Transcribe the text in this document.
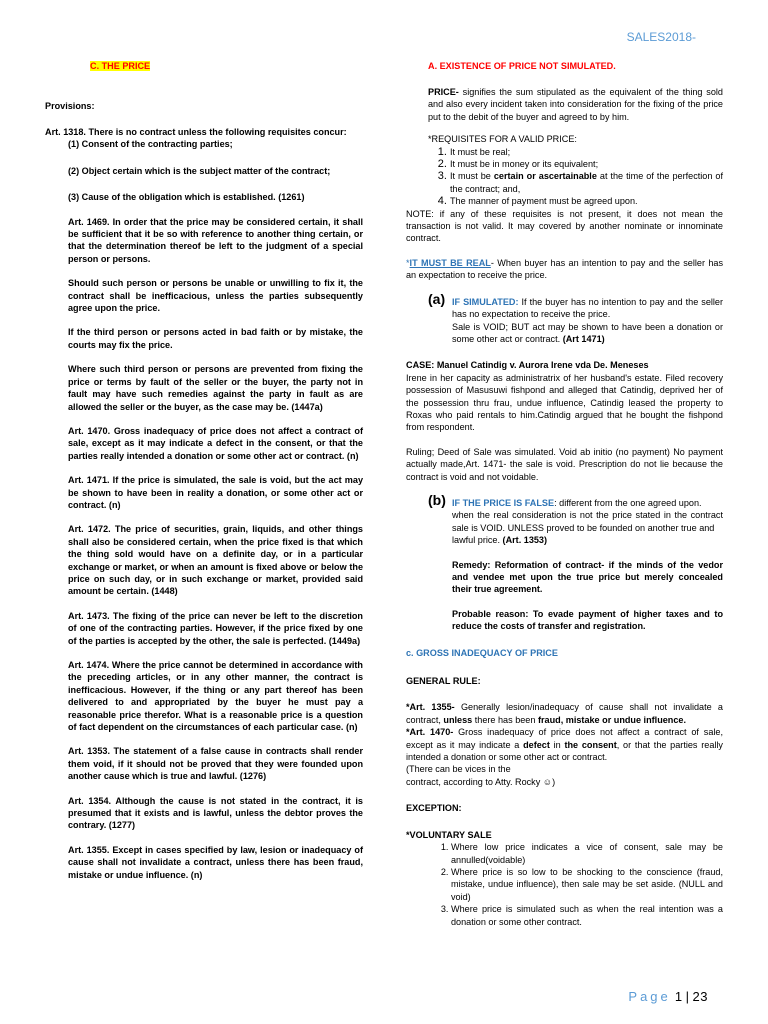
SALES2018-

C. THE PRICE

Provisions:

Art. 1318. There is no contract unless the following requisites concur:

(1) Consent of the contracting parties;

(2) Object certain which is the subject matter of the contract;

(3) Cause of the obligation which is established. (1261)

Art. 1469. In order that the price may be considered certain, it shall be sufficient that it be so with reference to another thing certain, or that the determination thereof be left to the judgment of a special person or persons.

Should such person or persons be unable or unwilling to fix it, the contract shall be inefficacious, unless the parties subsequently agree upon the price.

If the third person or persons acted in bad faith or by mistake, the courts may fix the price.

Where such third person or persons are prevented from fixing the price or terms by fault of the seller or the buyer, the party not in fault may have such remedies against the party in fault as are allowed the seller or the buyer, as the case may be. (1447a)

Art. 1470. Gross inadequacy of price does not affect a contract of sale, except as it may indicate a defect in the consent, or that the parties really intended a donation or some other act or contract. (n)

Art. 1471. If the price is simulated, the sale is void, but the act may be shown to have been in reality a donation, or some other act or contract. (n)

Art. 1472. The price of securities, grain, liquids, and other things shall also be considered certain, when the price fixed is that which the thing sold would have on a definite day, or in a particular exchange or market, or when an amount is fixed above or below the price on such day, or in such exchange or market, provided said amount be certain. (1448)

Art. 1473. The fixing of the price can never be left to the discretion of one of the contracting parties. However, if the price fixed by one of the parties is accepted by the other, the sale is perfected. (1449a)

Art. 1474. Where the price cannot be determined in accordance with the preceding articles, or in any other manner, the contract is inefficacious. However, if the thing or any part thereof has been delivered to and appropriated by the buyer he must pay a reasonable price therefor. What is a reasonable price is a question of fact dependent on the circumstances of each particular case. (n)

Art. 1353. The statement of a false cause in contracts shall render them void, if it should not be proved that they were founded upon another cause which is true and lawful. (1276)

Art. 1354. Although the cause is not stated in the contract, it is presumed that it exists and is lawful, unless the debtor proves the contrary. (1277)

Art. 1355. Except in cases specified by law, lesion or inadequacy of cause shall not invalidate a contract, unless there has been fraud, mistake or undue influence. (n)

A. EXISTENCE OF PRICE NOT SIMULATED.

PRICE- signifies the sum stipulated as the equivalent of the thing sold and also every incident taken into consideration for the fixing of the price put to the debit of the buyer and agreed to by him.

*REQUISITES FOR A VALID PRICE:

1. It must be real;
2. It must be in money or its equivalent;
3. It must be certain or ascertainable at the time of the perfection of the contract; and,
4. The manner of payment must be agreed upon.

NOTE: if any of these requisites is not present, it does not mean the transaction is not valid. It may covered by another nominate or innominate contract.

*IT MUST BE REAL- When buyer has an intention to pay and the seller has an expectation to receive the price.

(a) IF SIMULATED: If the buyer has no intention to pay and the seller has no expectation to receive the price.

Sale is VOID; BUT act may be shown to have been a donation or some other act or contract. (Art 1471)

CASE: Manuel Catindig v. Aurora Irene vda De. Meneses

Irene in her capacity as administratrix of her husband's estate. Filed recovery possession of Masusuwi fishpond and alleged that Catindig, deprived her of the possession thru frau, undue influence, Catindig leased the property to Roxas who paid rentals to him.Catindig argued that he bought the fishpond from respondent.

Ruling; Deed of Sale was simulated. Void ab initio (no payment) No payment actually made,Art. 1471- the sale is void. Prescription do not lie because the contract is void and not voidable.

(b) IF THE PRICE IS FALSE: different from the one agreed upon.

when the real consideration is not the price stated in the contract sale is VOID. UNLESS proved to be founded on another true and

lawful price. (Art. 1353)

Remedy: Reformation of contract- if the minds of the vedor and vendee met upon the true price but merely concealed their true agreement.

Probable reason: To evade payment of higher taxes and to reduce the costs of transfer and registration.

c. GROSS INADEQUACY OF PRICE

GENERAL RULE:

*Art. 1355- Generally lesion/inadequacy of cause shall not invalidate a contract, unless there has been fraud, mistake or undue influence.

*Art. 1470- Gross inadequacy of price does not affect a contract of sale, except as it may indicate a defect in the consent, or that the parties really intended a donation or some other act or contract.

(There can be vices in the

contract, according to Atty. Rocky ☺)

EXCEPTION:

*VOLUNTARY SALE

1. Where low price indicates a vice of consent, sale may be annulled(voidable)
2. Where price is so low to be shocking to the conscience (fraud, mistake, undue influence), then sale may be set aside. (NULL and void)
3. Where price is simulated such as when the real intention was a donation or some other contract.
Page 1 | 23
